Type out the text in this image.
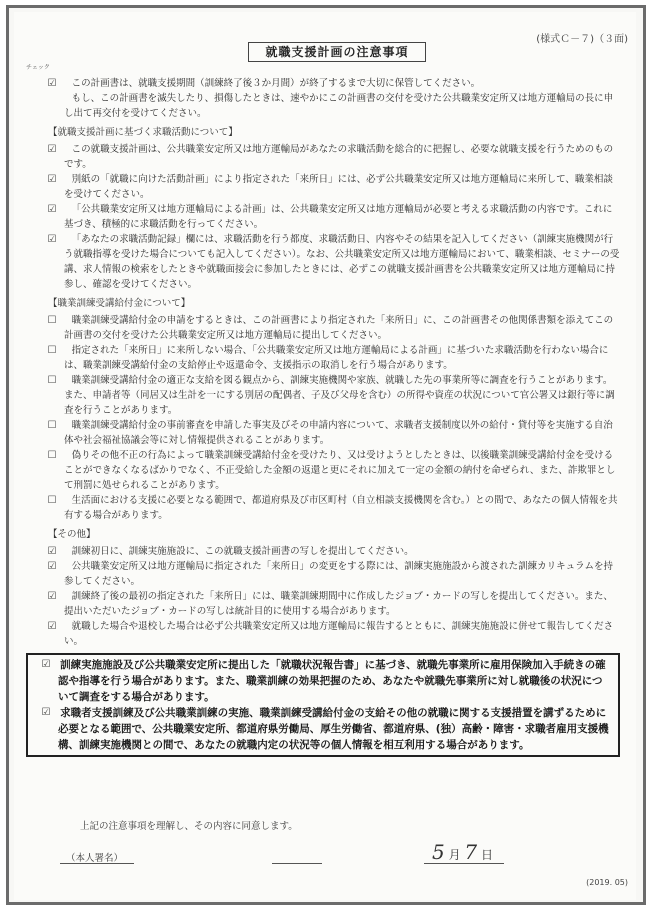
(様式Ｃ－７)（３面)
就職支援計画の注意事項
チェック
☑
この計画書は、就職支援期間（訓練終了後３か月間）が終了するまで大切に保管してください。
もし、この計画書を滅失したり、損傷したときは、速やかにこの計画書の交付を受けた公共職業安定所又は地方運輸局の長に申し出て再交付を受けてください。
【就職支援計画に基づく求職活動について】
☑
この就職支援計画は、公共職業安定所又は地方運輸局があなたの求職活動を総合的に把握し、必要な就職支援を行うためのものです。
☑
別紙の「就職に向けた活動計画」により指定された「来所日」には、必ず公共職業安定所又は地方運輸局に来所して、職業相談を受けてください。
☑
「公共職業安定所又は地方運輸局による計画」は、公共職業安定所又は地方運輸局が必要と考える求職活動の内容です。これに基づき、積極的に求職活動を行ってください。
☑
「あなたの求職活動記録」欄には、求職活動を行う都度、求職活動日、内容やその結果を記入してください（訓練実施機関が行う就職指導を受けた場合についても記入してください）。なお、公共職業安定所又は地方運輸局において、職業相談、セミナーの受講、求人情報の検索をしたときや就職面接会に参加したときには、必ずこの就職支援計画書を公共職業安定所又は地方運輸局に持参し、確認を受けてください。
【職業訓練受講給付金について】
☐
職業訓練受講給付金の申請をするときは、この計画書により指定された「来所日」に、この計画書その他関係書類を添えてこの計画書の交付を受けた公共職業安定所又は地方運輸局に提出してください。
☐
指定された「来所日」に来所しない場合、「公共職業安定所又は地方運輸局による計画」に基づいた求職活動を行わない場合には、職業訓練受講給付金の支給停止や返還命令、支援指示の取消しを行う場合があります。
☐
職業訓練受講給付金の適正な支給を図る観点から、訓練実施機関や家族、就職した先の事業所等に調査を行うことがあります。また、申請者等（同居又は生計を一にする別居の配偶者、子及び父母を含む）の所得や資産の状況について官公署又は銀行等に調査を行うことがあります。
☐
職業訓練受講給付金の事前審査を申請した事実及びその申請内容について、求職者支援制度以外の給付・貸付等を実施する自治体や社会福祉協議会等に対し情報提供されることがあります。
☐
偽りその他不正の行為によって職業訓練受講給付金を受けたり、又は受けようとしたときは、以後職業訓練受講給付金を受けることができなくなるばかりでなく、不正受給した金額の返還と更にそれに加えて一定の金額の納付を命ぜられ、また、詐欺罪として刑罰に処せられることがあります。
☐
生活面における支援に必要となる範囲で、都道府県及び市区町村（自立相談支援機関を含む。）との間で、あなたの個人情報を共有する場合があります。
【その他】
☑
訓練初日に、訓練実施施設に、この就職支援計画書の写しを提出してください。
☑
公共職業安定所又は地方運輸局に指定された「来所日」の変更をする際には、訓練実施施設から渡された訓練カリキュラムを持参してください。
☑
訓練終了後の最初の指定された「来所日」には、職業訓練期間中に作成したジョブ・カードの写しを提出してください。また、提出いただいたジョブ・カードの写しは統計目的に使用する場合があります。
☑
就職した場合や退校した場合は必ず公共職業安定所又は地方運輸局に報告するとともに、訓練実施施設に併せて報告してください。
☑
訓練実施施設及び公共職業安定所に提出した「就職状況報告書」に基づき、就職先事業所に雇用保険加入手続きの確認や指導を行う場合があります。また、職業訓練の効果把握のため、あなたや就職先事業所に対し就職後の状況について調査をする場合があります。
☑
求職者支援訓練及び公共職業訓練の実施、職業訓練受講給付金の支給その他の就職に関する支援措置を講ずるために必要となる範囲で、公共職業安定所、都道府県労働局、厚生労働省、都道府県、(独）高齢・障害・求職者雇用支援機構、訓練実施機関との間で、あなたの就職内定の状況等の個人情報を相互利用する場合があります。
上記の注意事項を理解し、その内容に同意します。
（本人署名）	5 月 7 日
(2019. 05)
